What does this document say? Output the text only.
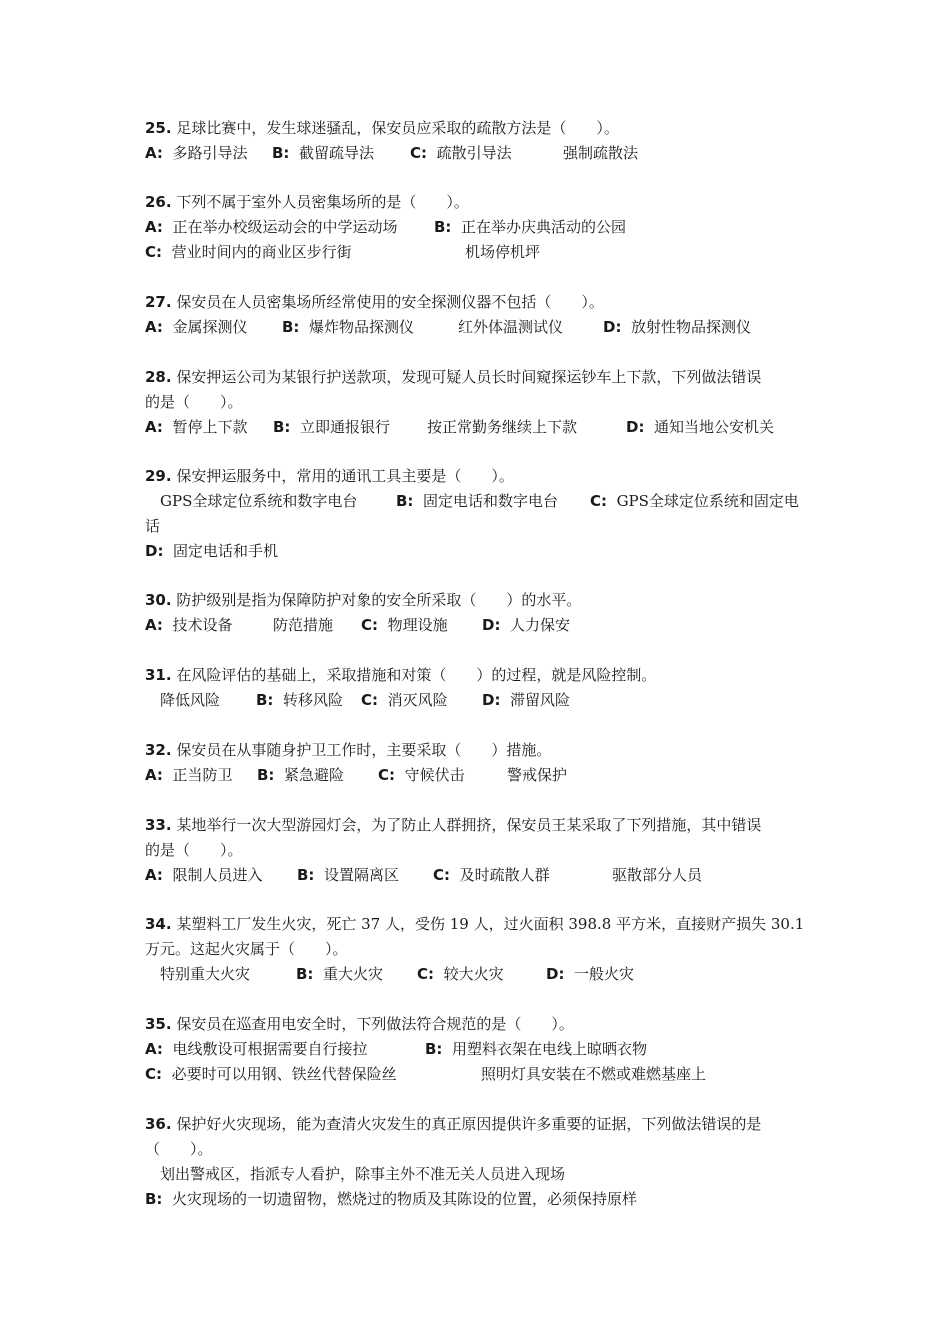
25. 足球比赛中，发生球迷骚乱，保安员应采取的疏散方法是（　　）。
A: 多路引导法 B: 截留疏导法 C: 疏散引导法	强制疏散法
26. 下列不属于室外人员密集场所的是（　　）。
A: 正在举办校级运动会的中学运动场 B: 正在举办庆典活动的公园
C: 营业时间内的商业区步行街	机场停机坪
27. 保安员在人员密集场所经常使用的安全探测仪器不包括（　　）。
A: 金属探测仪 B: 爆炸物品探测仪	红外体温测试仪	D: 放射性物品探测仪
28. 保安押运公司为某银行护送款项，发现可疑人员长时间窥探运钞车上下款，下列做法错误
的是（　　）。
A: 暂停上下款 B: 立即通报银行 按正常勤务继续上下款	D: 通知当地公安机关
29. 保安押运服务中，常用的通讯工具主要是（　　）。
GPS全球定位系统和数字电台	B: 固定电话和数字电台 C: GPS全球定位系统和固定电
话
D: 固定电话和手机
30. 防护级别是指为保障防护对象的安全所采取（　　）的水平。
A: 技术设备	防范措施 C: 物理设施 D: 人力保安
31. 在风险评估的基础上，采取措施和对策（　　）的过程，就是风险控制。
降低风险 B: 转移风险 C: 消灭风险 D: 滞留风险
32. 保安员在从事随身护卫工作时，主要采取（　　）措施。
A: 正当防卫 B: 紧急避险 C: 守候伏击	警戒保护
33. 某地举行一次大型游园灯会，为了防止人群拥挤，保安员王某采取了下列措施，其中错误
的是（　　）。
A: 限制人员进入 B: 设置隔离区 C: 及时疏散人群	驱散部分人员
34. 某塑料工厂发生火灾，死亡 37 人，受伤 19 人，过火面积 398.8 平方米，直接财产损失 30.1
万元。这起火灾属于（　　）。
特别重大火灾	B: 重大火灾 C: 较大火灾	D: 一般火灾
35. 保安员在巡查用电安全时，下列做法符合规范的是（　　）。
A: 电线敷设可根据需要自行接拉	B: 用塑料衣架在电线上晾晒衣物
C: 必要时可以用钢、铁丝代替保险丝	照明灯具安装在不燃或难燃基座上
36. 保护好火灾现场，能为查清火灾发生的真正原因提供许多重要的证据，下列做法错误的是
（　　）。
划出警戒区，指派专人看护，除事主外不准无关人员进入现场
B: 火灾现场的一切遗留物，燃烧过的物质及其陈设的位置，必须保持原样
